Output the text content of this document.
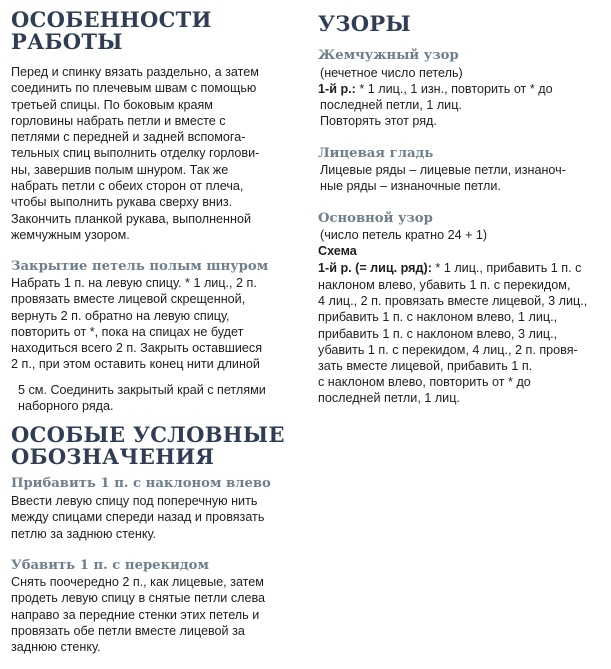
ОСОБЕННОСТИ
РАБОТЫ

Перед и спинку вязать раздельно, а затем
соединить по плечевым швам с помощью
третьей спицы. По боковым краям
горловины набрать петли и вместе с
петлями с передней и задней вспомога-
тельных спиц выполнить отделку горлови-
ны, завершив полым шнуром. Так же
набрать петли с обеих сторон от плеча,
чтобы выполнить рукава сверху вниз.
Закончить планкой рукава, выполненной
жемчужным узором.

Закрытие петель полым шнуром

Набрать 1 п. на левую спицу. * 1 лиц., 2 п.
провязать вместе лицевой скрещенной,
вернуть 2 п. обратно на левую спицу,
повторить от *, пока на спицах не будет
находиться всего 2 п. Закрыть оставшиеся
2 п., при этом оставить конец нити длиной

5 см. Соединить закрытый край с петлями
наборного ряда.

ОСОБЫЕ УСЛОВНЫЕ
ОБОЗНАЧЕНИЯ
Прибавить 1 п. с наклоном влево

Ввести левую спицу под поперечную нить
между спицами спереди назад и провязать
петлю за заднюю стенку.

Убавить 1 п. с перекидом

Снять поочередно 2 п., как лицевые, затем
продеть левую спицу в снятые петли слева
направо за передние стенки этих петель и
провязать обе петли вместе лицевой за
заднюю стенку.

УЗОРЫ
Жемчужный узор

(нечетное число петель)

1-й р.: * 1 лиц., 1 изн., повторить от * до

последней петли, 1 лиц.
Повторять этот ряд.

Лицевая гладь

Лицевые ряды – лицевые петли, изнаноч-
ные ряды – изнаночные петли.

Основной узор

(число петель кратно 24 + 1)

Схема

1-й р. (= лиц. ряд): * 1 лиц., прибавить 1 п. с

наклоном влево, убавить 1 п. с перекидом,
4 лиц., 2 п. провязать вместе лицевой, 3 лиц.,
прибавить 1 п. с наклоном влево, 1 лиц.,
прибавить 1 п. с наклоном влево, 3 лиц.,
убавить 1 п. с перекидом, 4 лиц., 2 п. провя-
зать вместе лицевой, прибавить 1 п.
с наклоном влево, повторить от * до
последней петли, 1 лиц.
